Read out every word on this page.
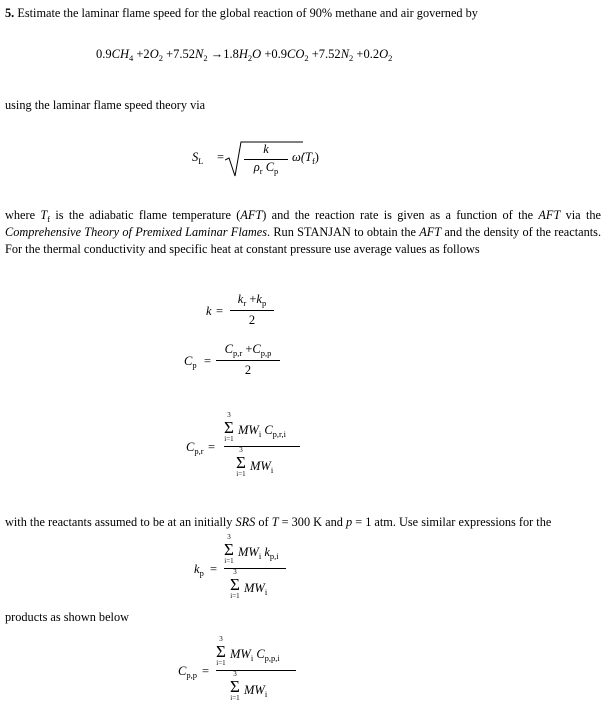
5. Estimate the laminar flame speed for the global reaction of 90% methane and air governed by
$0.9CH_4 +2O_2 +7.52N_2 \to 1.8H_2O +0.9CO_2 +7.52N_2 +0.2O_2$
using the laminar flame speed theory via
$S_L$ =
k
$\rho_r$ $C_p$
$\omegȧ(T_f)$
where $T_f$ is the adiabatic flame temperature (AFT) and the reaction rate is given as a function of the AFT via the Comprehensive Theory of Premixed Laminar Flames. Run STANJAN to obtain the AFT and the density of the reactants. For the thermal conductivity and specific heat at constant pressure use average values as follows
k =
$k_r +k_p$
2
$C_p$ =
$C_{p,r} +C_{p,p}$
2
$C_{p,r}$ =
3
Σ
i=1
$MW_i$ $C_{p,r,i}$
3
Σ
i=1
$MW_i$
with the reactants assumed to be at an initially SRS of T = 300 K and p = 1 atm. Use similar expressions for the
$k_p$ =
3
Σ
i=1
$MW_i$ $k_{p,i}$
3
Σ
i=1
$MW_i$
products as shown below
$C_{p,p}$ =
3
Σ
i=1
$MW_i$ $C_{p,p,i}$
3
Σ
i=1
$MW_i$
